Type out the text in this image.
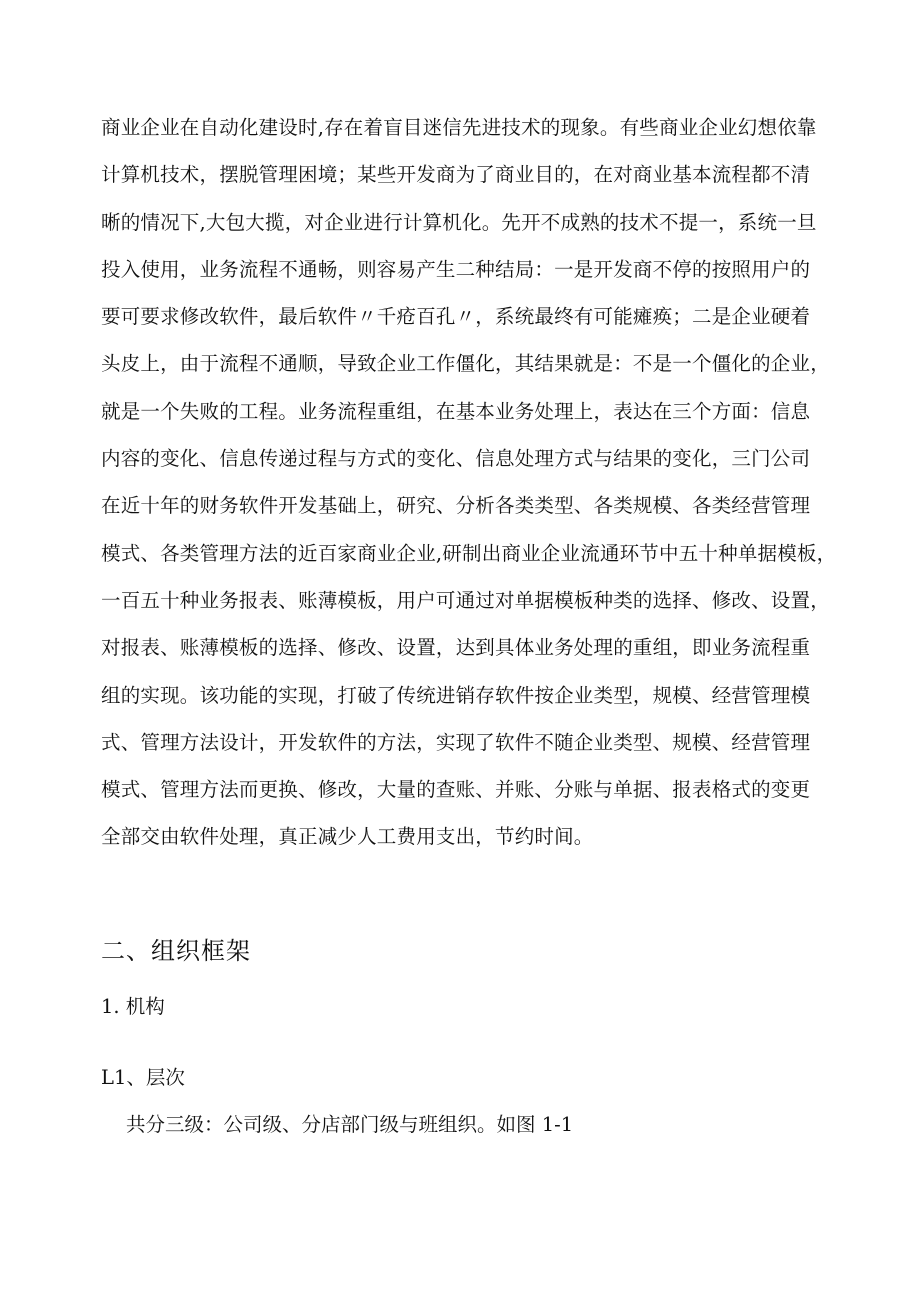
商业企业在自动化建设时,存在着盲目迷信先进技术的现象。有些商业企业幻想依靠
计算机技术，摆脱管理困境；某些开发商为了商业目的，在对商业基本流程都不清
晰的情况下,大包大揽，对企业进行计算机化。先开不成熟的技术不提一，系统一旦
投入使用，业务流程不通畅，则容易产生二种结局：一是开发商不停的按照用户的
要可要求修改软件，最后软件〃千疮百孔〃，系统最终有可能瘫痪；二是企业硬着
头皮上，由于流程不通顺，导致企业工作僵化，其结果就是：不是一个僵化的企业，
就是一个失败的工程。业务流程重组，在基本业务处理上，表达在三个方面：信息
内容的变化、信息传递过程与方式的变化、信息处理方式与结果的变化，三门公司
在近十年的财务软件开发基础上，研究、分析各类类型、各类规模、各类经营管理
模式、各类管理方法的近百家商业企业,研制出商业企业流通环节中五十种单据模板，
一百五十种业务报表、账薄模板，用户可通过对单据模板种类的选择、修改、设置，
对报表、账薄模板的选择、修改、设置，达到具体业务处理的重组，即业务流程重
组的实现。该功能的实现，打破了传统进销存软件按企业类型，规模、经营管理模
式、管理方法设计，开发软件的方法，实现了软件不随企业类型、规模、经营管理
模式、管理方法而更换、修改，大量的查账、并账、分账与单据、报表格式的变更
全部交由软件处理，真正减少人工费用支出，节约时间。
二、组织框架
1. 机构
L1、层次

共分三级：公司级、分店部门级与班组织。如图 1-1
